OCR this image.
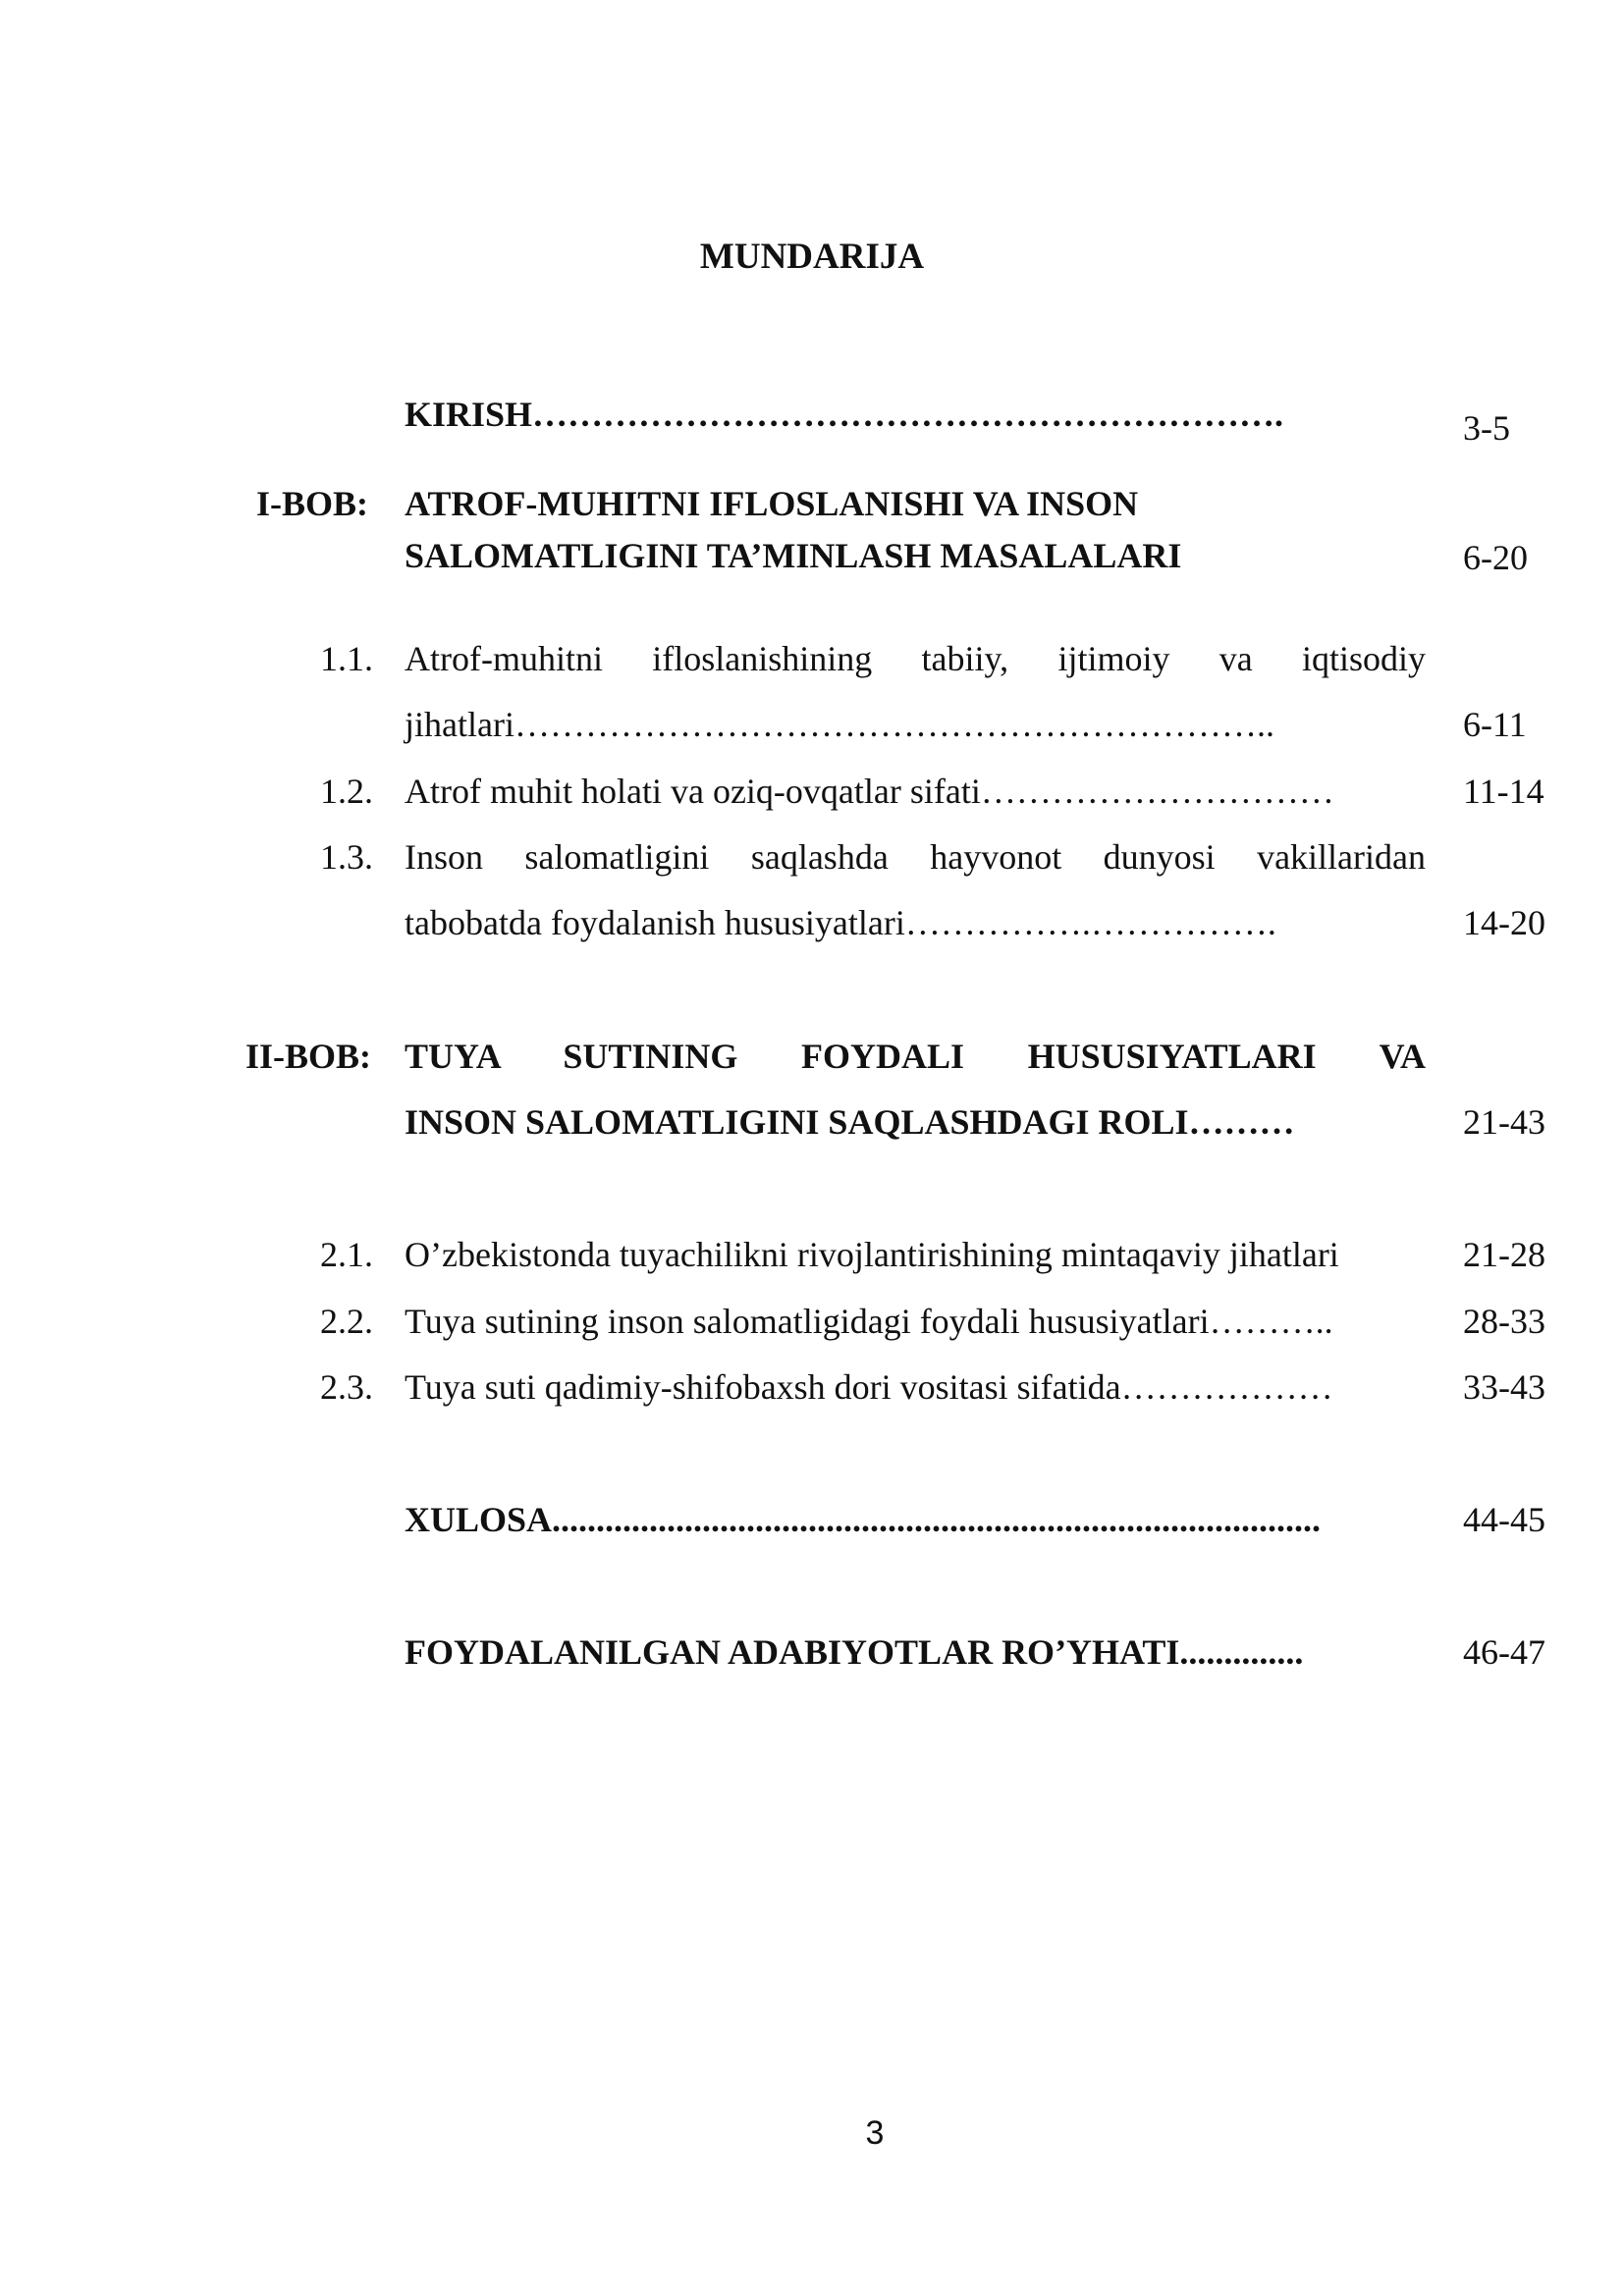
MUNDARIJA
KIRISH……………………………………………………….	3-5
I-BOB: ATROF-MUHITNI IFLOSLANISHI VA INSON
SALOMATLIGINI TA’MINLASH MASALALARI	6-20
1.1. Atrof-muhitni ifloslanishining tabiiy, ijtimoiy va iqtisodiy
jihatlari………………………………………………………..	6-11
1.2. Atrof muhit holati va oziq-ovqatlar sifati…………………………	11-14
1.3. Inson salomatligini saqlashda hayvonot dunyosi vakillaridan
tabobatda foydalanish hususiyatlari…………….…………….	14-20
II-BOB: TUYA SUTINING FOYDALI HUSUSIYATLARI VA
INSON SALOMATLIGINI SAQLASHDAGI ROLI………	21-43
2.1. O’zbekistonda tuyachilikni rivojlantirishining mintaqaviy jihatlari	21-28
2.2. Tuya sutining inson salomatligidagi foydali hususiyatlari………..	28-33
2.3. Tuya suti qadimiy-shifobaxsh dori vositasi sifatida………………	33-43
XULOSA.......................................................................................	44-45
FOYDALANILGAN ADABIYOTLAR RO’YHATI..............	46-47
3
